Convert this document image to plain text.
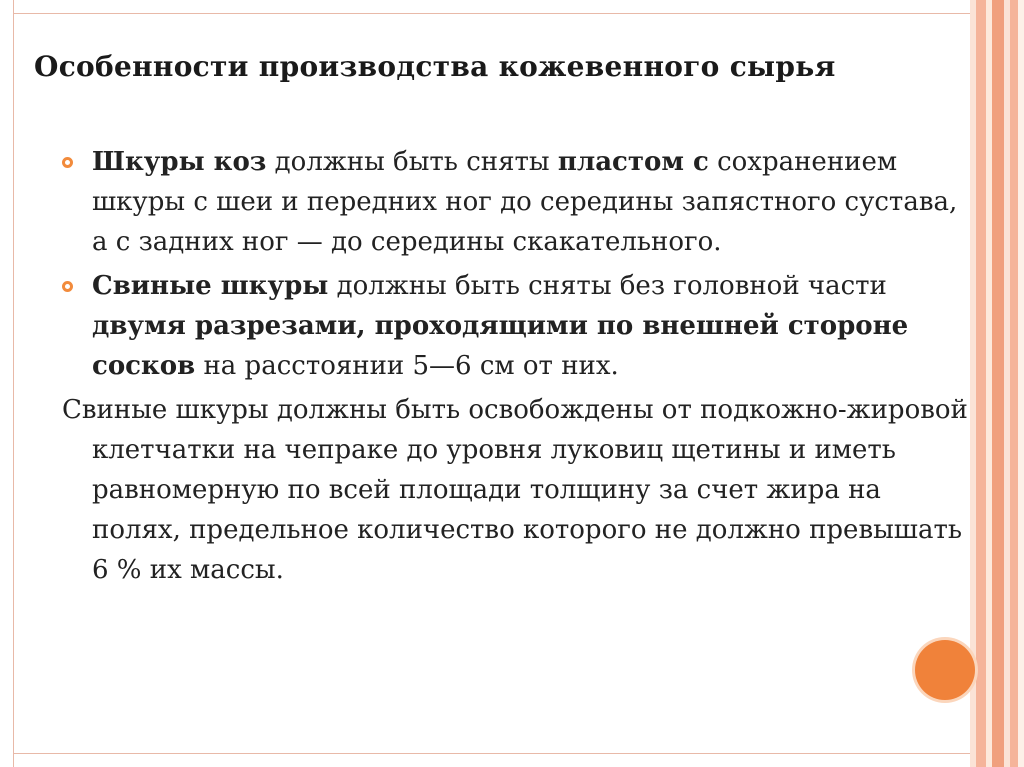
Особенности производства кожевенного сырья
Шкуры коз должны быть сняты пластом с сохранением шкуры с шеи и передних ног до середины запястного сустава, а с задних ног — до середины скакательного.
Свиные шкуры должны быть сняты без головной части двумя разрезами, проходящими по внешней стороне сосков на расстоянии 5—6 см от них.
Свиные шкуры должны быть освобождены от подкожно-жировой клетчатки на чепраке до уровня луковиц щетины и иметь равномерную по всей площади толщину за счет жира на полях, предельное количество которого не должно превышать 6 % их массы.
